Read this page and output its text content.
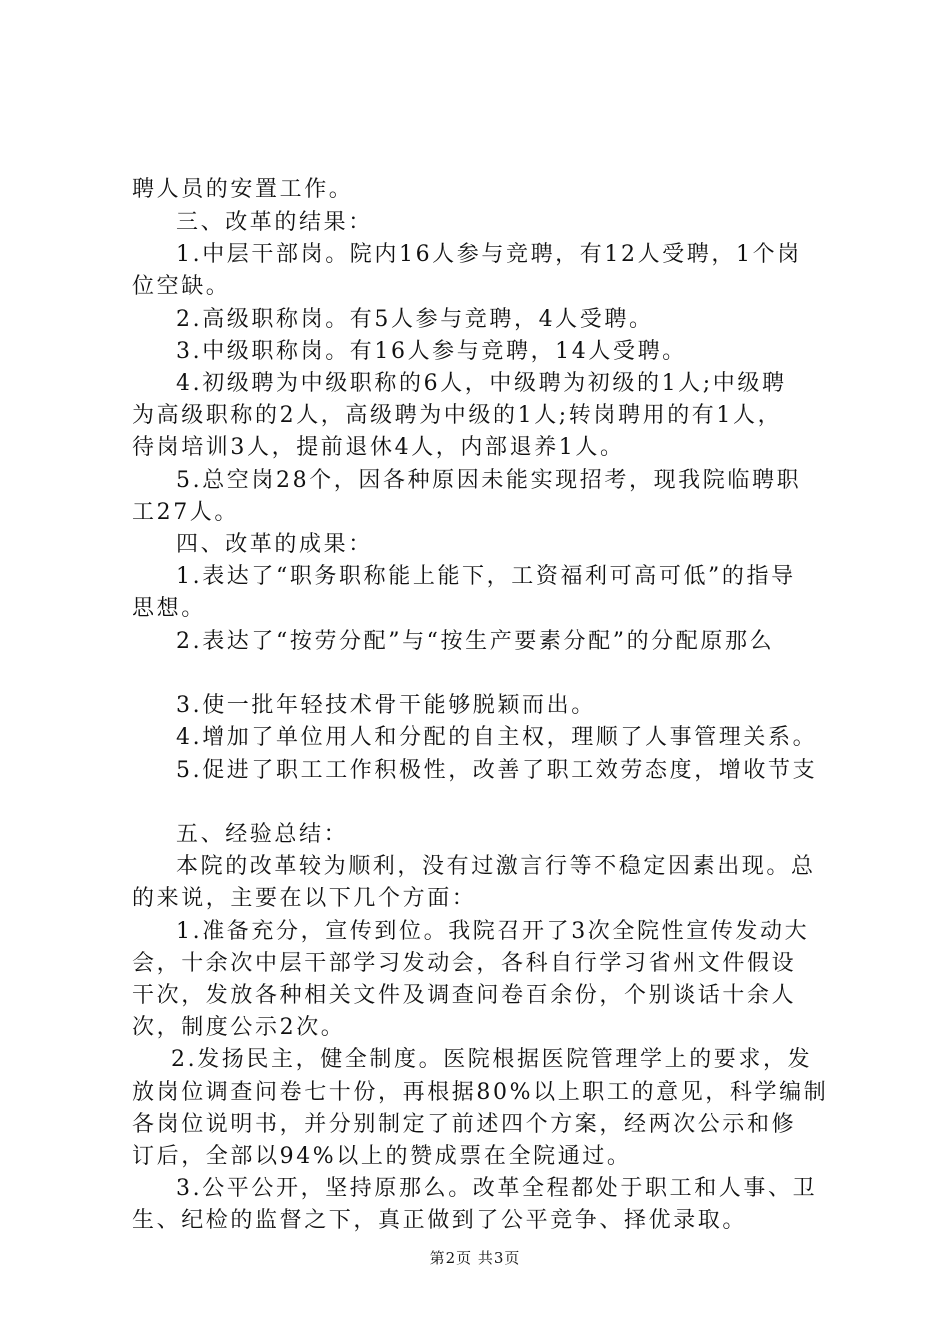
聘人员的安置工作。
三、改革的结果：
1.中层干部岗。院内16人参与竞聘，有12人受聘，1个岗
位空缺。
2.高级职称岗。有5人参与竞聘，4人受聘。
3.中级职称岗。有16人参与竞聘，14人受聘。
4.初级聘为中级职称的6人，中级聘为初级的1人;中级聘
为高级职称的2人，高级聘为中级的1人;转岗聘用的有1人，
待岗培训3人，提前退休4人，内部退养1人。
5.总空岗28个，因各种原因未能实现招考，现我院临聘职
工27人。
四、改革的成果：
1.表达了“职务职称能上能下，工资福利可高可低”的指导
思想。
2.表达了“按劳分配”与“按生产要素分配”的分配原那么
3.使一批年轻技术骨干能够脱颖而出。
4.增加了单位用人和分配的自主权，理顺了人事管理关系。
5.促进了职工工作积极性，改善了职工效劳态度，增收节支
五、经验总结：
本院的改革较为顺利，没有过激言行等不稳定因素出现。总
的来说，主要在以下几个方面：
1.准备充分，宣传到位。我院召开了3次全院性宣传发动大
会，十余次中层干部学习发动会，各科自行学习省州文件假设
干次，发放各种相关文件及调查问卷百余份，个别谈话十余人
次，制度公示2次。
2.发扬民主，健全制度。医院根据医院管理学上的要求，发
放岗位调查问卷七十份，再根据80%以上职工的意见，科学编制
各岗位说明书，并分别制定了前述四个方案，经两次公示和修
订后，全部以94%以上的赞成票在全院通过。
3.公平公开，坚持原那么。改革全程都处于职工和人事、卫
生、纪检的监督之下，真正做到了公平竞争、择优录取。
第2页 共3页
